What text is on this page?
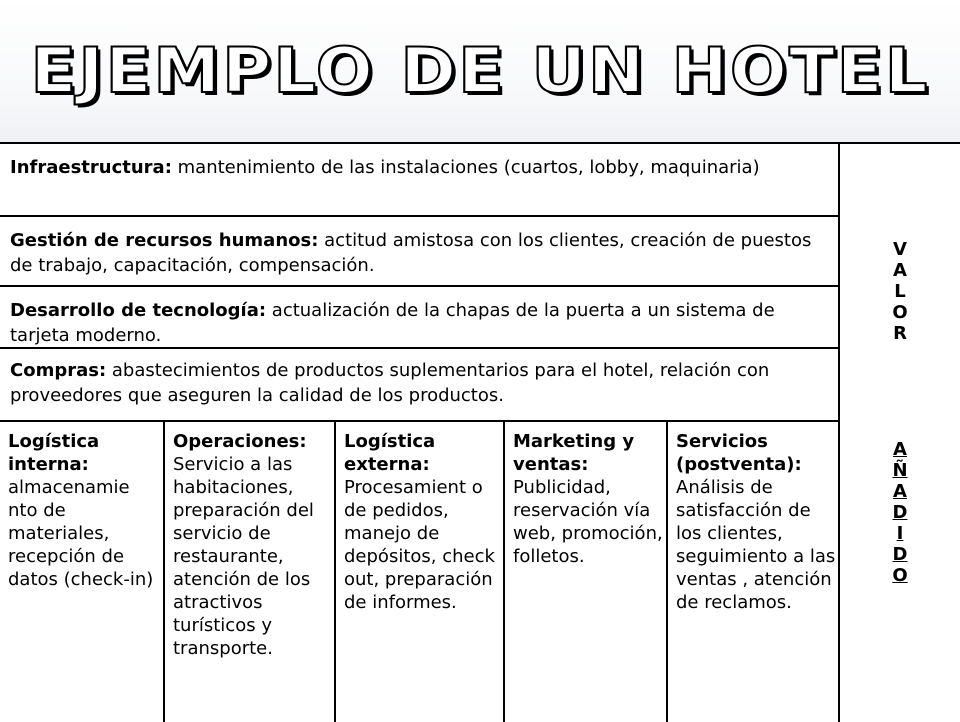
EJEMPLO DE UN HOTEL
Infraestructura: mantenimiento de las instalaciones (cuartos, lobby, maquinaria)
Gestión de recursos humanos: actitud amistosa con los clientes, creación de puestos de trabajo, capacitación, compensación.
Desarrollo de tecnología: actualización de la chapas de la puerta a un sistema de tarjeta moderno.
Compras: abastecimientos de productos suplementarios para el hotel, relación con proveedores que aseguren la calidad de los productos.
Logística interna:
almacenamie nto de materiales, recepción de datos (check-in)
Operaciones:
Servicio a las habitaciones, preparación del servicio de restaurante, atención de los atractivos turísticos y transporte.
Logística externa:
Procesamient o de pedidos, manejo de depósitos, check out, preparación de informes.
Marketing y ventas:
Publicidad, reservación vía web, promoción, folletos.
Servicios (postventa):
Análisis de satisfacción de los clientes, seguimiento a las ventas , atención de reclamos.
V
A
L
O
R
A
Ñ
A
D
I
D
O
